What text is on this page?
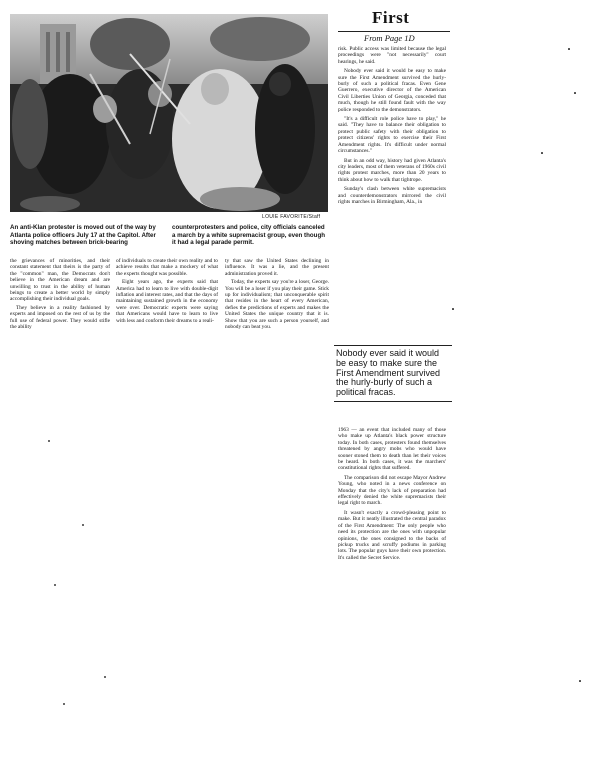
LOUIE FAVORITE/Staff
An anti-Klan protester is moved out of the way by Atlanta police officers July 17 at the Capitol. After shoving matches between brick-bearing
counterprotesters and police, city officials canceled a march by a white supremacist group, even though it had a legal parade permit.

the grievances of minorities, and their constant statement that theirs is the party of the "common" man, the Democrats don't believe in the American dream and are unwilling to trust in the ability of human beings to create a better world by simply accomplishing their individual goals.

They believe in a reality fashioned by experts and imposed on the rest of us by the full use of federal power. They would stifle the ability

of individuals to create their own reality and to achieve results that make a mockery of what the experts thought was possible.

Eight years ago, the experts said that America had to learn to live with double-digit inflation and interest rates, and that the days of maintaining sustained growth in the economy were over. Democratic experts were saying that Americans would have to learn to live with less and conform their dreams to a reali-

ty that saw the United States declining in influence. It was a lie, and the present administration proved it.

Today, the experts say you're a loser, George. You will be a loser if you play their game. Stick up for individualism; that unconquerable spirit that resides in the heart of every American, defies the predictions of experts and makes the United States the unique country that it is. Show that you are such a person yourself, and nobody can beat you.

First
From Page 1D

risk. Public access was limited because the legal proceedings were "not necessarily" court hearings, he said.

Nobody ever said it would be easy to make sure the First Amendment survived the hurly-burly of such a political fracas. Even Gene Guerrero, executive director of the American Civil Liberties Union of Georgia, conceded that much, though he still found fault with the way police responded to the demonstrators.

"It's a difficult role police have to play," he said. "They have to balance their obligation to protect public safety with their obligation to protect citizens' rights to exercise their First Amendment rights. It's difficult under normal circumstances."

But in an odd way, history had given Atlanta's city leaders, most of them veterans of 1960s civil rights protest marches, more than 20 years to think about how to walk that tightrope.

Sunday's clash between white supremacists and counterdemonstrators mirrored the civil rights marches in Birmingham, Ala., in

Nobody ever said it would be easy to make sure the First Amendment survived the hurly-burly of such a political fracas.

1963 — an event that included many of those who make up Atlanta's black power structure today. In both cases, protesters found themselves threatened by angry mobs who would have sooner stoned them to death than let their voices be heard. In both cases, it was the marchers' constitutional rights that suffered.

The comparison did not escape Mayor Andrew Young, who noted in a news conference on Monday that the city's lack of preparation had effectively denied the white supremacists their legal right to march.

It wasn't exactly a crowd-pleasing point to make. But it neatly illustrated the central paradox of the First Amendment: The only people who need its protection are the ones with unpopular opinions, the ones consigned to the backs of pickup trucks and scruffy podiums in parking lots. The popular guys have their own protection. It's called the Secret Service.
